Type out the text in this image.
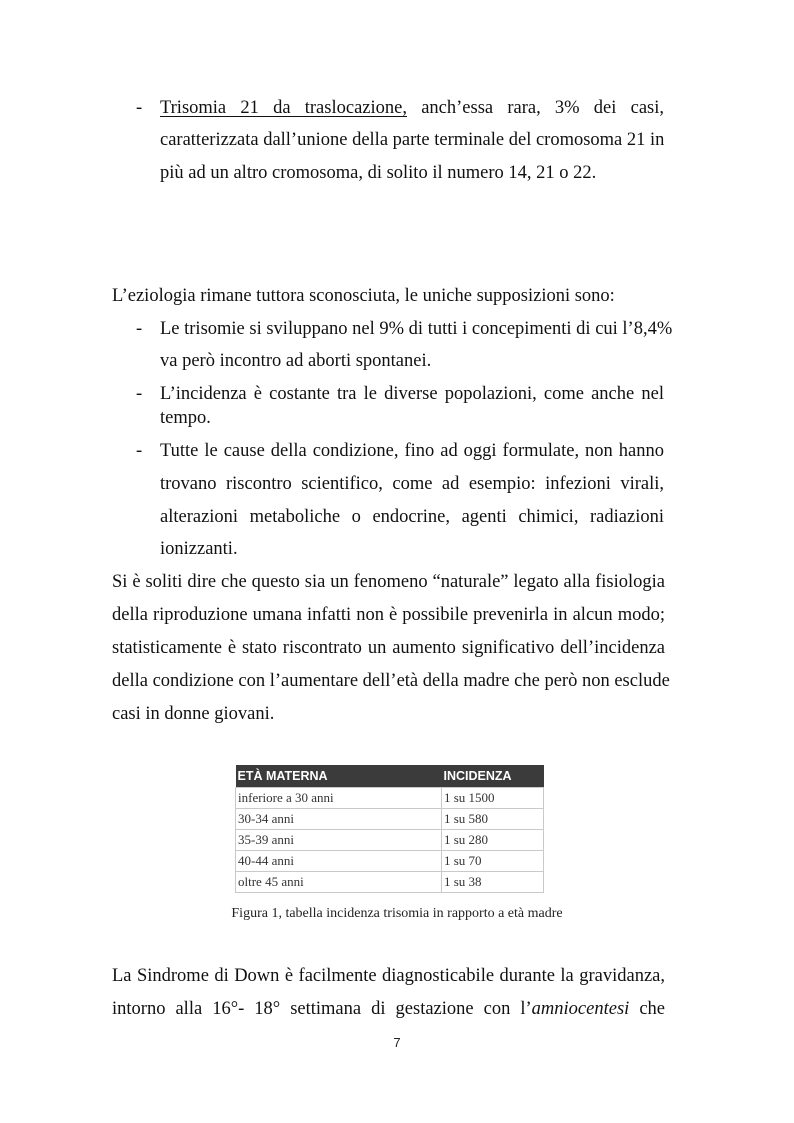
- Trisomia 21 da traslocazione, anch’essa rara, 3% dei casi,
caratterizzata dall’unione della parte terminale del cromosoma 21 in
più ad un altro cromosoma, di solito il numero 14, 21 o 22.
L’eziologia rimane tuttora sconosciuta, le uniche supposizioni sono:
- Le trisomie si sviluppano nel 9% di tutti i concepimenti di cui l’8,4%
va però incontro ad aborti spontanei.
- L’incidenza è costante tra le diverse popolazioni, come anche nel
tempo.
- Tutte le cause della condizione, fino ad oggi formulate, non hanno
trovano riscontro scientifico, come ad esempio: infezioni virali,
alterazioni metaboliche o endocrine, agenti chimici, radiazioni
ionizzanti.
Si è soliti dire che questo sia un fenomeno “naturale” legato alla fisiologia
della riproduzione umana infatti non è possibile prevenirla in alcun modo;
statisticamente è stato riscontrato un aumento significativo dell’incidenza
della condizione con l’aumentare dell’età della madre che però non esclude
casi in donne giovani.
ETÀ MATERNA	INCIDENZA
inferiore a 30 anni	1 su 1500
30-34 anni	1 su 580
35-39 anni	1 su 280
40-44 anni	1 su 70
oltre 45 anni	1 su 38
Figura 1, tabella incidenza trisomia in rapporto a età madre
La Sindrome di Down è facilmente diagnosticabile durante la gravidanza,
intorno alla 16°- 18° settimana di gestazione con l’amniocentesi che
7
